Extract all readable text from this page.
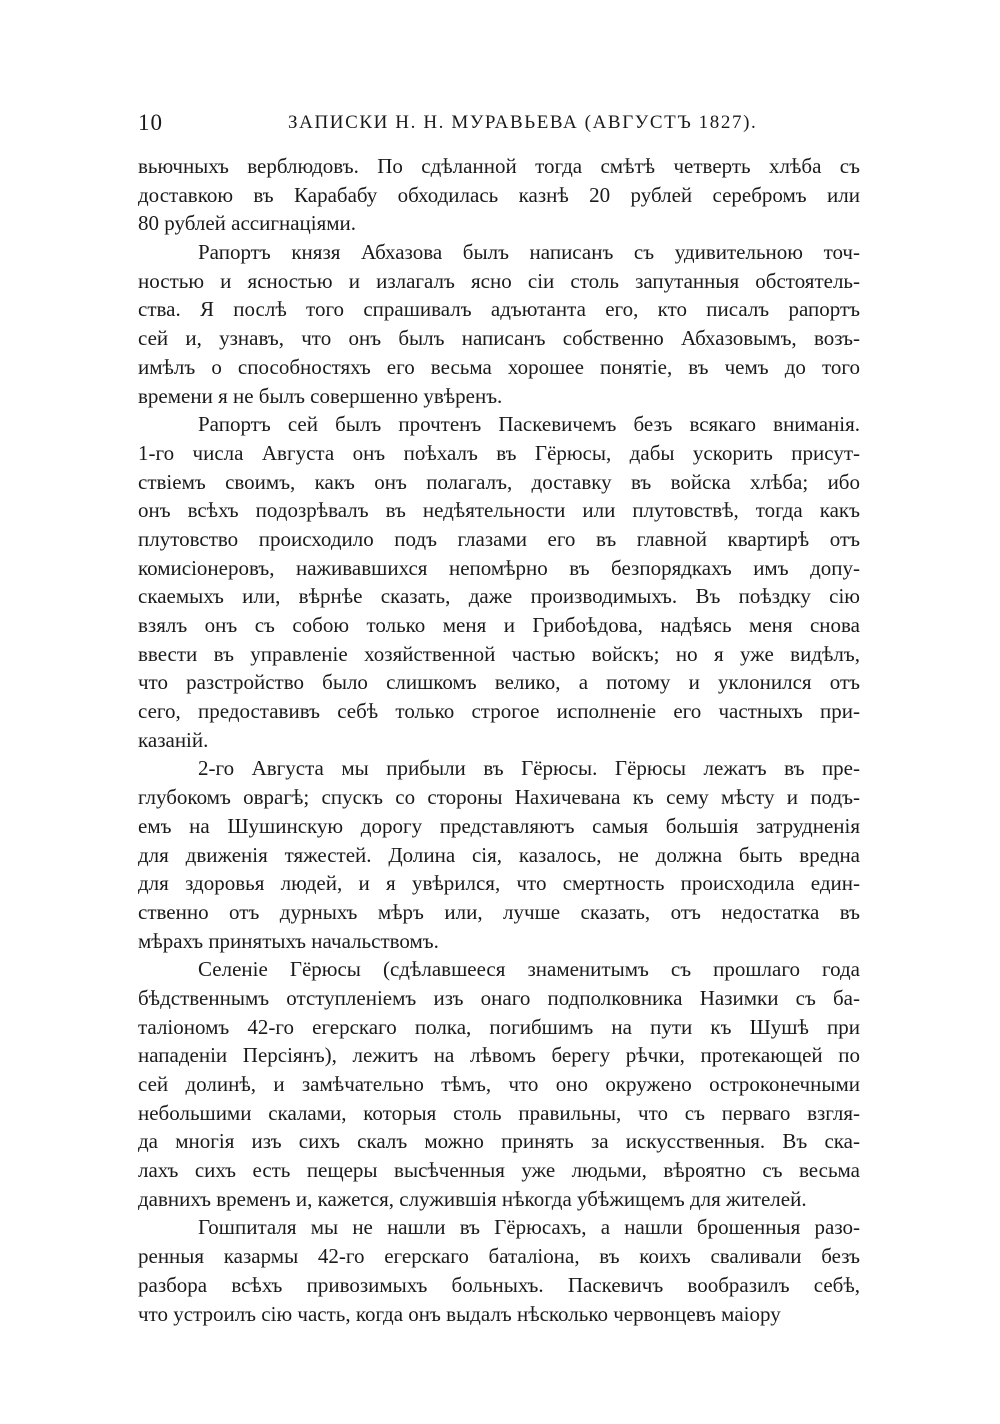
10	ЗАПИСКИ Н. Н. МУРАВЬЕВА (АВГУСТЪ 1827).
вьючныхъ верблюдовъ. По сдѣланной тогда смѣтѣ четверть хлѣба съ
доставкою въ Карабабу обходилась казнѣ 20 рублей серебромъ или
80 рублей ассигнаціями.
Рапортъ князя Абхазова былъ написанъ съ удивительною точ-
ностью и ясностью и излагалъ ясно сіи столь запутанныя обстоятель-
ства. Я послѣ того спрашивалъ адъютанта его, кто писалъ рапортъ
сей и, узнавъ, что онъ былъ написанъ собственно Абхазовымъ, возъ-
имѣлъ о способностяхъ его весьма хорошее понятіе, въ чемъ до того
времени я не былъ совершенно увѣренъ.
Рапортъ сей былъ прочтенъ Паскевичемъ безъ всякаго вниманія.
1-го числа Августа онъ поѣхалъ въ Гёрюсы, дабы ускорить присут-
ствіемъ своимъ, какъ онъ полагалъ, доставку въ войска хлѣба; ибо
онъ всѣхъ подозрѣвалъ въ недѣятельности или плутовствѣ, тогда какъ
плутовство происходило подъ глазами его въ главной квартирѣ отъ
комисіонеровъ, наживавшихся непомѣрно въ безпорядкахъ имъ допу-
скаемыхъ или, вѣрнѣе сказать, даже производимыхъ. Въ поѣздку сію
взялъ онъ съ собою только меня и Грибоѣдова, надѣясь меня снова
ввести въ управленіе хозяйственной частью войскъ; но я уже видѣлъ,
что разстройство было слишкомъ велико, а потому и уклонился отъ
сего, предоставивъ себѣ только строгое исполненіе его частныхъ при-
казаній.
2-го Августа мы прибыли въ Гёрюсы. Гёрюсы лежатъ въ пре-
глубокомъ оврагѣ; спускъ со стороны Нахичевана къ сему мѣсту и подъ-
емъ на Шушинскую дорогу представляютъ самыя большія затрудненія
для движенія тяжестей. Долина сія, казалось, не должна быть вредна
для здоровья людей, и я увѣрился, что смертность происходила един-
ственно отъ дурныхъ мѣръ или, лучше сказать, отъ недостатка въ
мѣрахъ принятыхъ начальствомъ.
Селеніе Гёрюсы (сдѣлавшееся знаменитымъ съ прошлаго года
бѣдственнымъ отступленіемъ изъ онаго подполковника Назимки съ ба-
таліономъ 42-го егерскаго полка, погибшимъ на пути къ Шушѣ при
нападеніи Персіянъ), лежитъ на лѣвомъ берегу рѣчки, протекающей по
сей долинѣ, и замѣчательно тѣмъ, что оно окружено остроконечными
небольшими скалами, которыя столь правильны, что съ перваго взгля-
да многія изъ сихъ скалъ можно принять за искусственныя. Въ ска-
лахъ сихъ есть пещеры высѣченныя уже людьми, вѣроятно съ весьма
давнихъ временъ и, кажется, служившія нѣкогда убѣжищемъ для жителей.
Гошпиталя мы не нашли въ Гёрюсахъ, а нашли брошенныя разо-
ренныя казармы 42-го егерскаго баталіона, въ коихъ сваливали безъ
разбора всѣхъ привозимыхъ больныхъ. Паскевичъ вообразилъ себѣ,
что устроилъ сію часть, когда онъ выдалъ нѣсколько червонцевъ маіору
